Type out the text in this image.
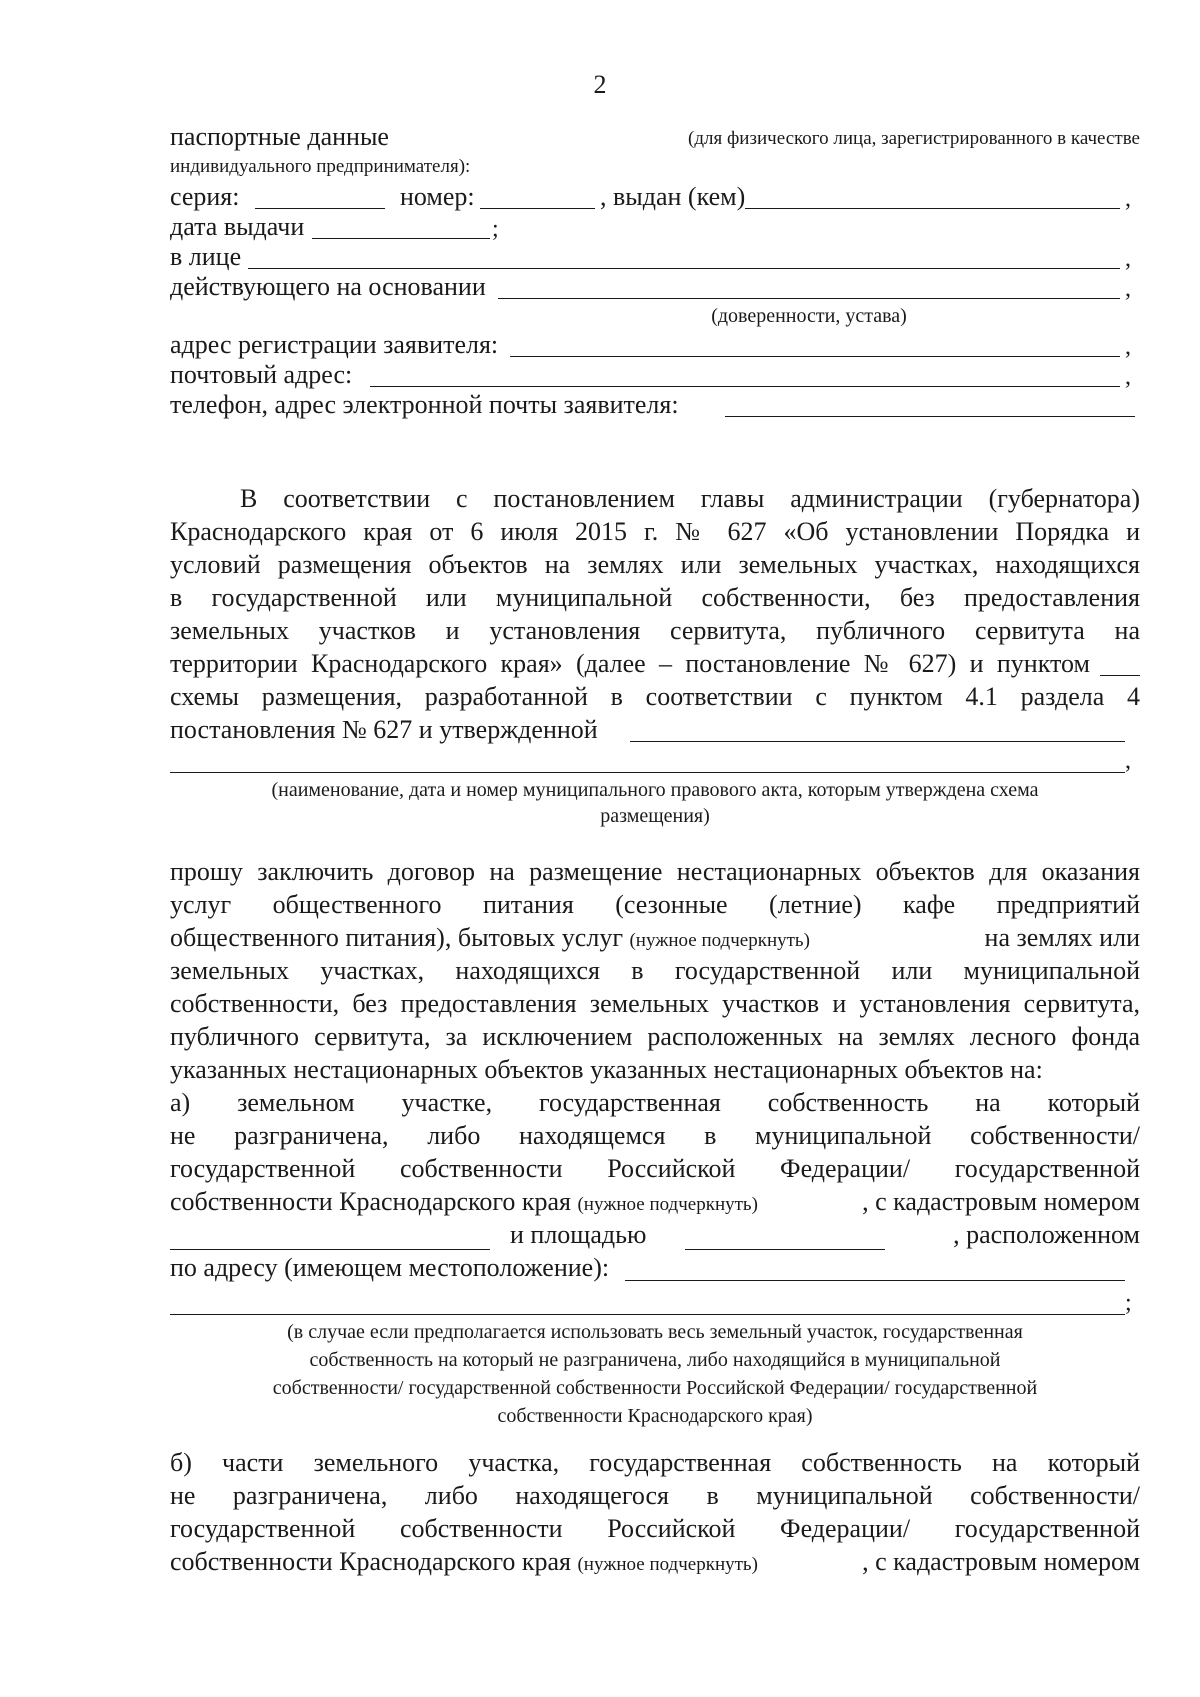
2
паспортные данные	(для физического лица, зарегистрированного в качестве
индивидуального предпринимателя):
серия:	номер:	, выдан (кем)	,
дата выдачи	;
в лице	,
действующего на основании	,
(доверенности, устава)
адрес регистрации заявителя:	,
почтовый адрес:	,
телефон, адрес электронной почты заявителя:
В соответствии с постановлением главы администрации (губернатора)
Краснодарского края от 6 июля 2015 г. № 627 «Об установлении Порядка и
условий размещения объектов на землях или земельных участках, находящихся
в государственной или муниципальной собственности, без предоставления
земельных участков и установления сервитута, публичного сервитута на
территории Краснодарского края» (далее – постановление № 627) и пунктом
схемы размещения, разработанной в соответствии с пунктом 4.1 раздела 4
постановления № 627 и утвержденной
,
(наименование, дата и номер муниципального правового акта, которым утверждена схема
размещения)
прошу заключить договор на размещение нестационарных объектов для оказания
услуг общественного питания (сезонные (летние) кафе предприятий
общественного питания), бытовых услуг (нужное подчеркнуть)	на землях или
земельных участках, находящихся в государственной или муниципальной
собственности, без предоставления земельных участков и установления сервитута,
публичного сервитута, за исключением расположенных на землях лесного фонда
указанных нестационарных объектов указанных нестационарных объектов на:
а) земельном участке, государственная собственность на который
не разграничена, либо находящемся в муниципальной собственности/
государственной собственности Российской Федерации/ государственной
собственности Краснодарского края (нужное подчеркнуть)	, с кадастровым номером
и площадью	, расположенном
по адресу (имеющем местоположение):
;
(в случае если предполагается использовать весь земельный участок, государственная
собственность на который не разграничена, либо находящийся в муниципальной
собственности/ государственной собственности Российской Федерации/ государственной
собственности Краснодарского края)
б) части земельного участка, государственная собственность на который
не разграничена, либо находящегося в муниципальной собственности/
государственной собственности Российской Федерации/ государственной
собственности Краснодарского края (нужное подчеркнуть)	, с кадастровым номером
